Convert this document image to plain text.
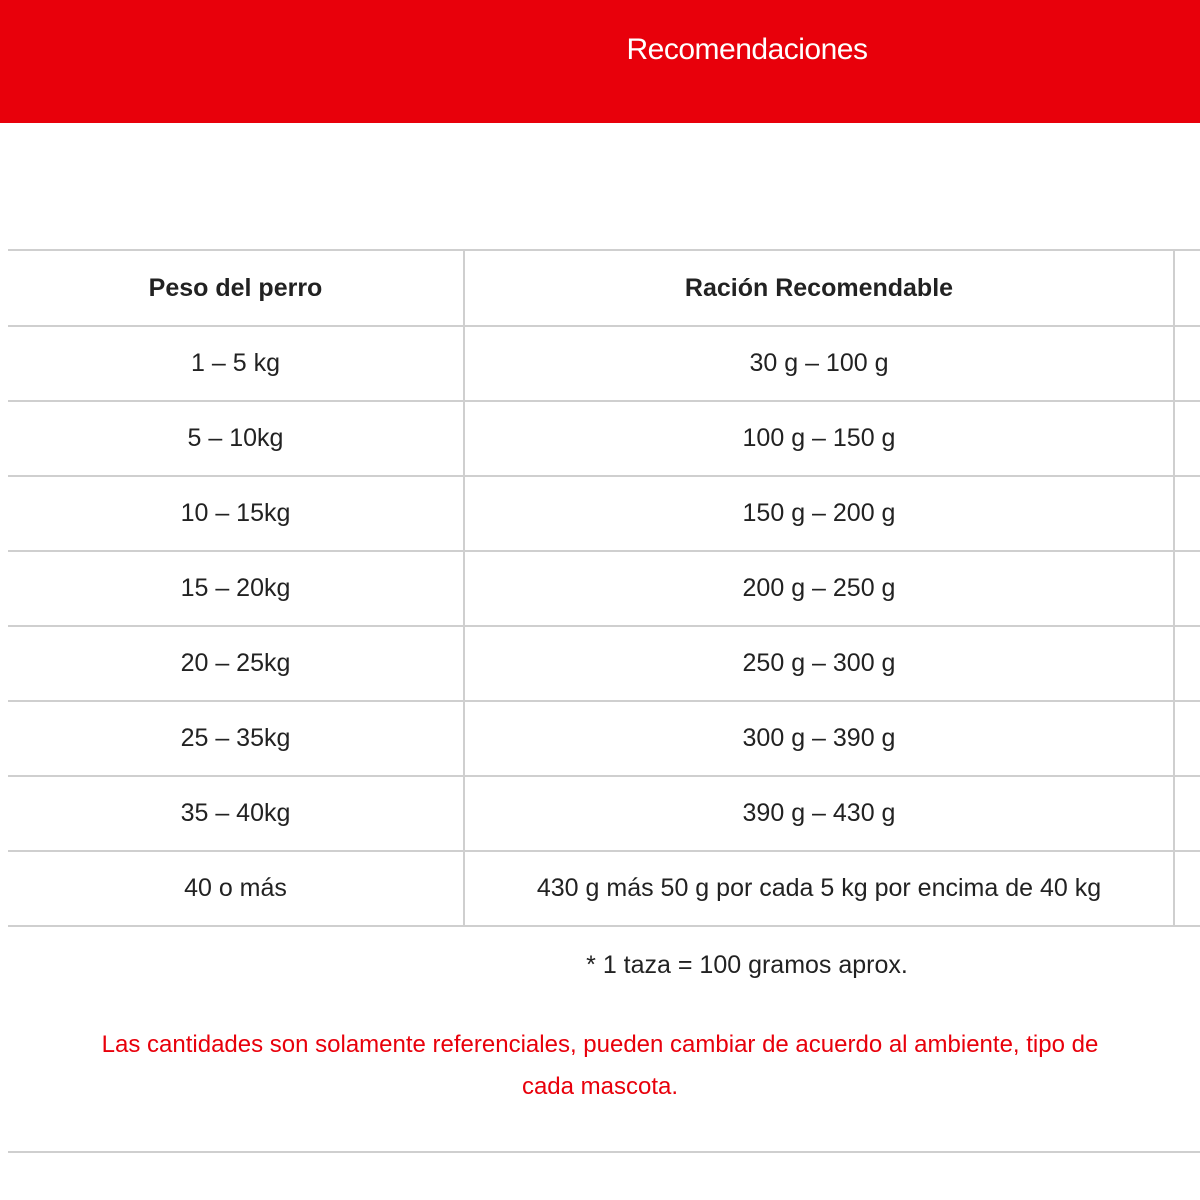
Recomendaciones
Peso del perro	Ración Recomendable	
1 – 5 kg	30 g – 100 g	
5 – 10kg	100 g – 150 g	
10 – 15kg	150 g – 200 g	
15 – 20kg	200 g – 250 g	
20 – 25kg	250 g – 300 g	
25 – 35kg	300 g – 390 g	
35 – 40kg	390 g – 430 g	
40 o más	430 g más 50 g por cada 5 kg por encima de 40 kg	
* 1 taza = 100 gramos aprox.
Las cantidades son solamente referenciales, pueden cambiar de acuerdo al ambiente, tipo de
cada mascota.
